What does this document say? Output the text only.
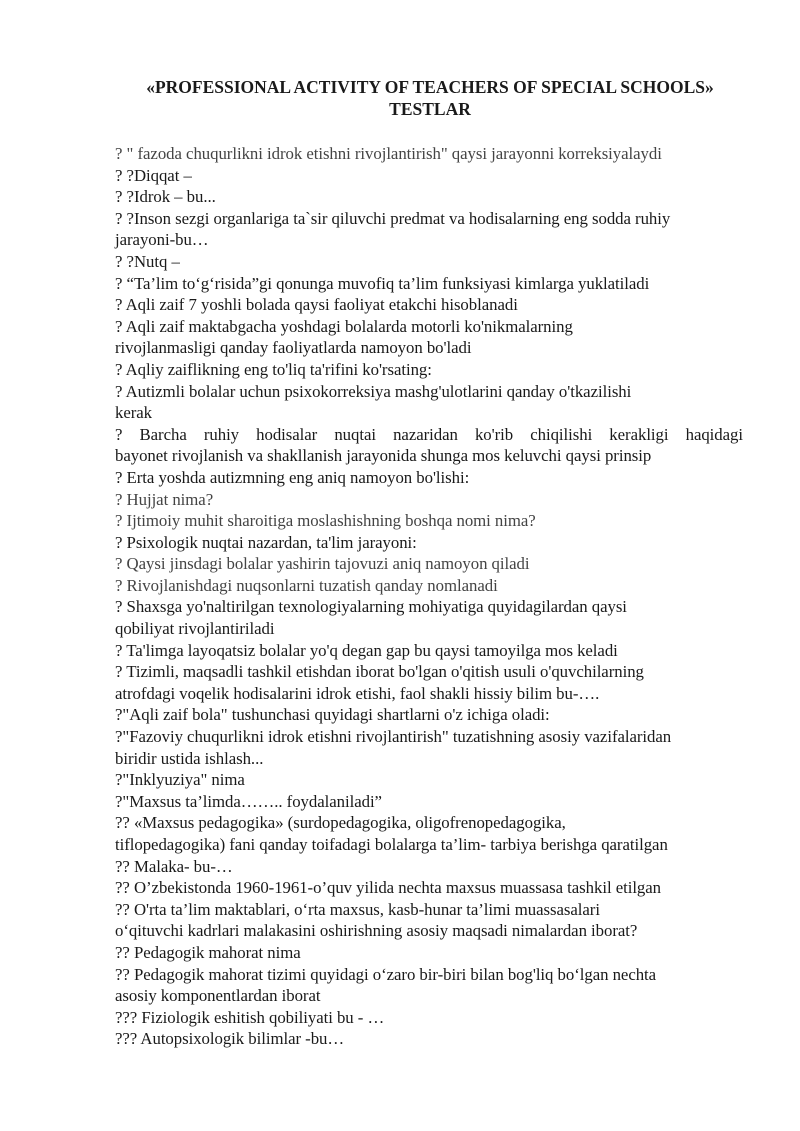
«PROFESSIONAL ACTIVITY OF TEACHERS OF SPECIAL SCHOOLS»
TESTLAR
? " fazoda chuqurlikni idrok etishni rivojlantirish" qaysi jarayonni korreksiyalaydi
? ?Diqqat –
? ?Idrok – bu...
? ?Inson sezgi organlariga ta`sir qiluvchi predmat va hodisalarning eng sodda ruhiy
jarayoni-bu…
? ?Nutq –
? “Ta’lim to‘g‘risida”gi qonunga muvofiq ta’lim funksiyasi kimlarga yuklatiladi
? Aqli zaif 7 yoshli bolada qaysi faoliyat etakchi hisoblanadi
? Aqli zaif maktabgacha yoshdagi bolalarda motorli ko'nikmalarning
rivojlanmasligi qanday faoliyatlarda namoyon bo'ladi
? Aqliy zaiflikning eng to'liq ta'rifini ko'rsating:
? Autizmli bolalar uchun psixokorreksiya mashg'ulotlarini qanday o'tkazilishi
kerak
? Barcha ruhiy hodisalar nuqtai nazaridan ko'rib chiqilishi kerakligi haqidagi
bayonet rivojlanish va shakllanish jarayonida shunga mos keluvchi qaysi prinsip
? Erta yoshda autizmning eng aniq namoyon bo'lishi:
? Hujjat nima?
? Ijtimoiy muhit sharoitiga moslashishning boshqa nomi nima?
? Psixologik nuqtai nazardan, ta'lim jarayoni:
? Qaysi jinsdagi bolalar yashirin tajovuzi aniq namoyon qiladi
? Rivojlanishdagi nuqsonlarni tuzatish qanday nomlanadi
? Shaxsga yo'naltirilgan texnologiyalarning mohiyatiga quyidagilardan qaysi
qobiliyat rivojlantiriladi
? Ta'limga layoqatsiz bolalar yo'q degan gap bu qaysi tamoyilga mos keladi
? Tizimli, maqsadli tashkil etishdan iborat bo'lgan o'qitish usuli o'quvchilarning
atrofdagi voqelik hodisalarini idrok etishi, faol shakli hissiy bilim bu-….
?"Aqli zaif bola" tushunchasi quyidagi shartlarni o'z ichiga oladi:
?"Fazoviy chuqurlikni idrok etishni rivojlantirish" tuzatishning asosiy vazifalaridan
biridir ustida ishlash...
?"Inklyuziya" nima
?"Maxsus ta’limda…….. foydalaniladi”
?? «Maxsus pedagogika» (surdopedagogika, oligofrenopedagogika,
tiflopedagogika) fani qanday toifadagi bolalarga ta’lim- tarbiya berishga qaratilgan
?? Malaka- bu-…
?? O’zbekistonda 1960-1961-o’quv yilida nechta maxsus muassasa tashkil etilgan
?? O'rta ta’lim maktablari, o‘rta maxsus, kasb-hunar ta’limi muassasalari
o‘qituvchi kadrlari malakasini oshirishning asosiy maqsadi nimalardan iborat?
?? Pedagogik mahorat nima
?? Pedagogik mahorat tizimi quyidagi o‘zaro bir-biri bilan bog'liq bo‘lgan nechta
asosiy komponentlardan iborat
??? Fiziologik eshitish qobiliyati bu - …
??? Autopsixologik bilimlar -bu…
